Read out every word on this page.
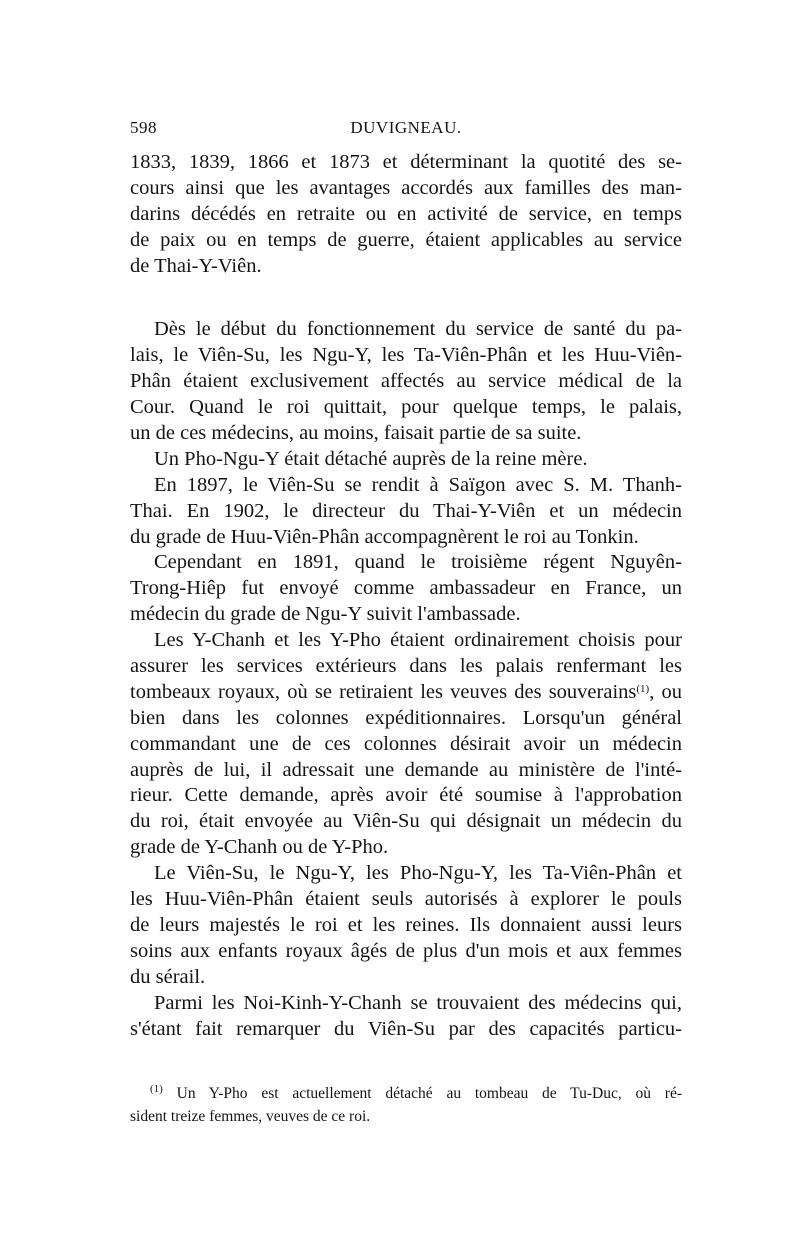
598	DUVIGNEAU.
1833, 1839, 1866 et 1873 et déterminant la quotité des se-
cours ainsi que les avantages accordés aux familles des man-
darins décédés en retraite ou en activité de service, en temps
de paix ou en temps de guerre, étaient applicables au service
de Thai-Y-Viên.
Dès le début du fonctionnement du service de santé du pa-
lais, le Viên-Su, les Ngu-Y, les Ta-Viên-Phân et les Huu-Viên-
Phân étaient exclusivement affectés au service médical de la
Cour. Quand le roi quittait, pour quelque temps, le palais,
un de ces médecins, au moins, faisait partie de sa suite.
Un Pho-Ngu-Y était détaché auprès de la reine mère.
En 1897, le Viên-Su se rendit à Saïgon avec S. M. Thanh-
Thai. En 1902, le directeur du Thai-Y-Viên et un médecin
du grade de Huu-Viên-Phân accompagnèrent le roi au Tonkin.
Cependant en 1891, quand le troisième régent Nguyên-
Trong-Hiêp fut envoyé comme ambassadeur en France, un
médecin du grade de Ngu-Y suivit l'ambassade.
Les Y-Chanh et les Y-Pho étaient ordinairement choisis pour
assurer les services extérieurs dans les palais renfermant les
tombeaux royaux, où se retiraient les veuves des souverains$^{(1)}$, ou
bien dans les colonnes expéditionnaires. Lorsqu'un général
commandant une de ces colonnes désirait avoir un médecin
auprès de lui, il adressait une demande au ministère de l'inté-
rieur. Cette demande, après avoir été soumise à l'approbation
du roi, était envoyée au Viên-Su qui désignait un médecin du
grade de Y-Chanh ou de Y-Pho.
Le Viên-Su, le Ngu-Y, les Pho-Ngu-Y, les Ta-Viên-Phân et
les Huu-Viên-Phân étaient seuls autorisés à explorer le pouls
de leurs majestés le roi et les reines. Ils donnaient aussi leurs
soins aux enfants royaux âgés de plus d'un mois et aux femmes
du sérail.
Parmi les Noi-Kinh-Y-Chanh se trouvaient des médecins qui,
s'étant fait remarquer du Viên-Su par des capacités particu-
$^{(1)}$ Un Y-Pho est actuellement détaché au tombeau de Tu-Duc, où ré-
sident treize femmes, veuves de ce roi.
